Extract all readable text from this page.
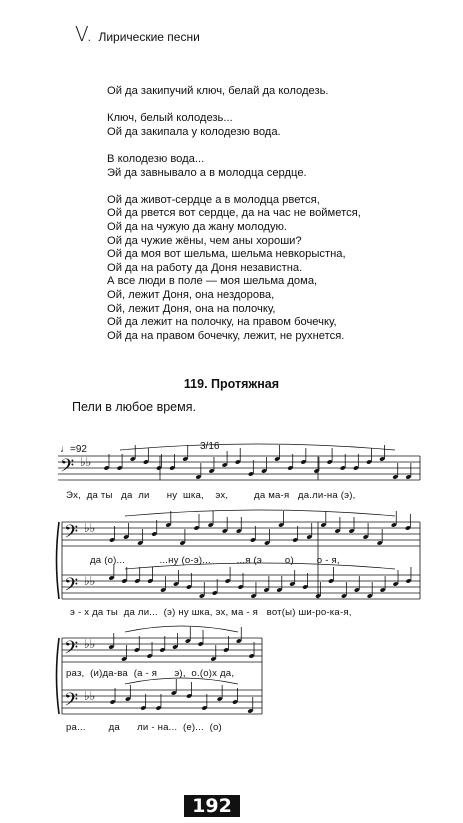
V. Лирические песни
Ой да закипучий ключ, белай да колодезь.
Ключ, белый колодезь...
Ой да закипала у колодезю вода.
В колодезю вода...
Эй да завнывало а в молодца сердце.
Ой да живот-сердце а в молодца рвется,
Ой да рвется вот сердце, да на час не воймется,
Ой да на чужую да жану молодую.
Ой да чужие жёны, чем аны хороши?
Ой да моя вот шельма, шельма невкорыстна,
Ой да на работу да Доня независтна.
А все люди в поле — моя шельма дома,
Ой, лежит Доня, она нездорова,
Ой, лежит Доня, она на полочку,
Ой да лежит на полочку, на правом бочечку,
Ой да на правом бочечку, лежит, не рухнется.
119. Протяжная
Пели в любое время.
𝄢
𝄢
𝄢
𝄢
𝄢
♭♭
♭♭
♭♭
♭♭
♭♭
♩=92	3/16
Эх,  да ты   да  ли      ну  шка,    эх,         да ма-я   да.ли-на (э),
да (о)...            ...ну (о-э)...         ...я (э        о)        о - я,
э - х да ты  да ли...  (э) ну шка, эх, ма - я   вот(ы) ши-ро-ка-я,
раз,  (и)да-ва  (а - я      э),  о.(о)х да,
ра...        да      ли - на...  (е)...  (о)
192
